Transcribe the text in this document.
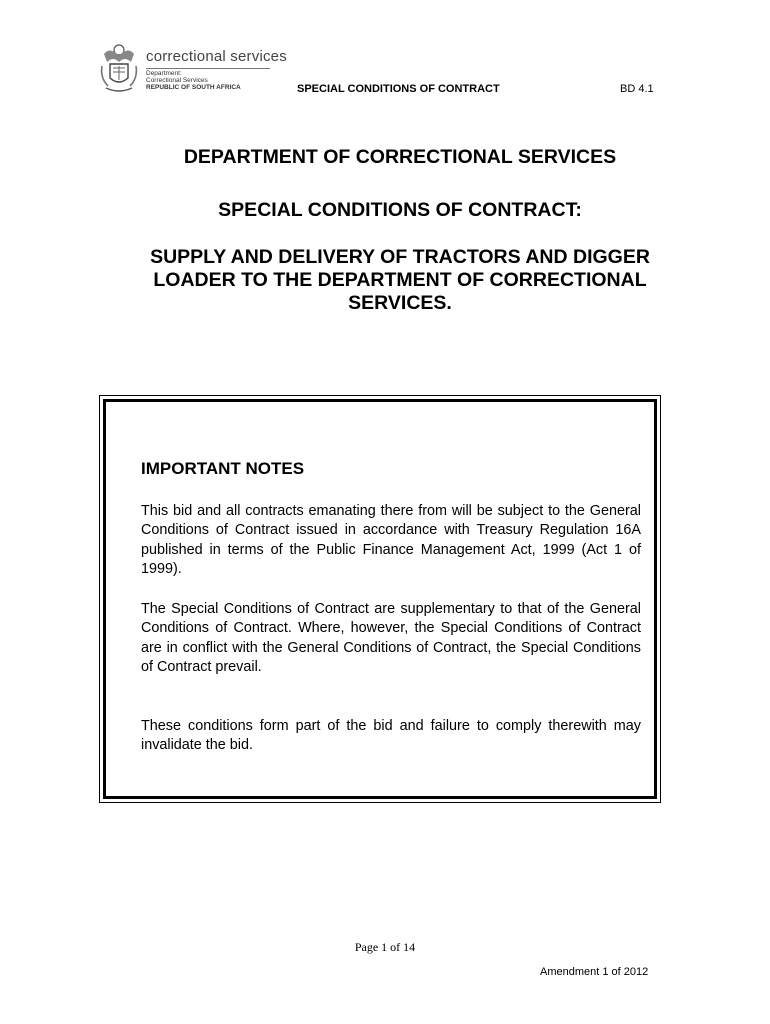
correctional services
Department:
Correctional Services
REPUBLIC OF SOUTH AFRICA	SPECIAL CONDITIONS OF CONTRACT	BD 4.1
DEPARTMENT OF CORRECTIONAL SERVICES
SPECIAL CONDITIONS OF CONTRACT:
SUPPLY AND DELIVERY OF TRACTORS AND DIGGER LOADER TO THE DEPARTMENT OF CORRECTIONAL SERVICES.
IMPORTANT NOTES

This bid and all contracts emanating there from will be subject to the General Conditions of Contract issued in accordance with Treasury Regulation 16A published in terms of the Public Finance Management Act, 1999 (Act 1 of 1999).

The Special Conditions of Contract are supplementary to that of the General Conditions of Contract. Where, however, the Special Conditions of Contract are in conflict with the General Conditions of Contract, the Special Conditions of Contract prevail.

These conditions form part of the bid and failure to comply therewith may invalidate the bid.

Page 1 of 14
Amendment 1 of 2012
